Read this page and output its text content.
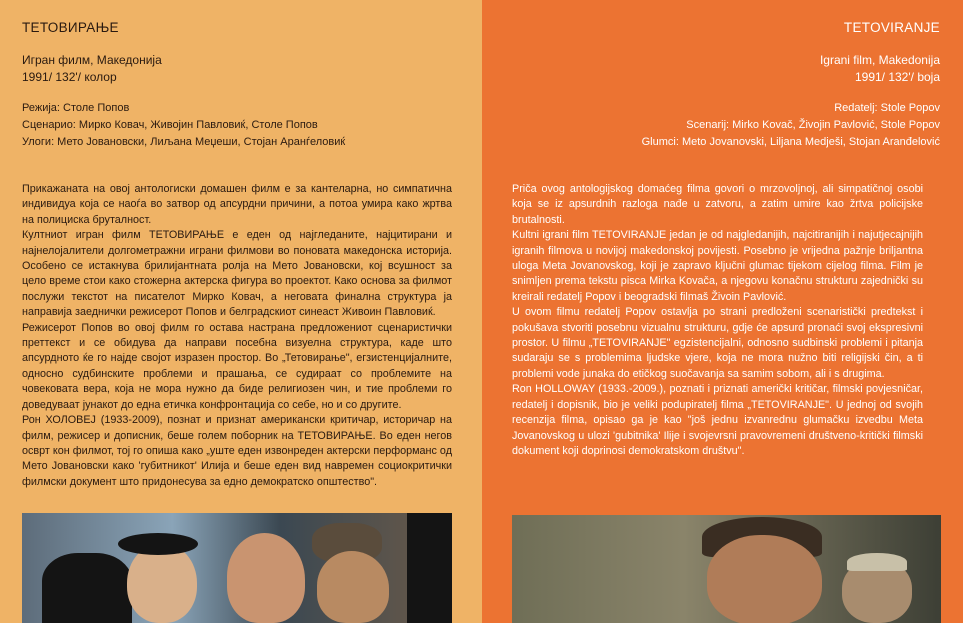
ТЕТОВИРАЊЕ
Игран филм, Македонија
1991/ 132'/ колор
Режија: Столе Попов
Сценарио: Мирко Ковач, Живојин Павловиќ, Столе Попов
Улоги: Мето Јовановски, Лиљана Меџеши, Стојан Аранѓеловиќ

Прикажаната на овој антологиски домашен филм е за кантеларна, но симпатична индивидуа која се наоѓа во затвор од апсурдни причини, а потоа умира како жртва на полициска бруталност.

Култниот игран филм ТЕТОВИРАЊЕ е еден од најгледаните, најцитирани и најнелојалители долгометражни играни филмови во поновата македонска историја. Особено се истакнува брилијантната ролја на Мето Јовановски, кој всушност за цело време стои како стожерна актерска фигура во проектот. Како основа за филмот послужи текстот на писателот Мирко Ковач, а неговата финална структура ја направија заеднички режисерот Попов и белградскиот синеаст Живоин Павловиќ.

Режисерот Попов во овој филм го остава настрана предложениот сценаристички преттекст и се обидува да направи посебна визуелна структура, каде што апсурдното ќе го најде својот изразен простор. Во „Тетовирање", егзистенцијалните, односно судбинските проблеми и прашања, се судираат со проблемите на човековата вера, која не мора нужно да биде религиозен чин, и тие проблеми го доведуваат јунакот до една етичка конфронтација со себе, но и со другите.

Рон ХОЛОВЕЈ (1933-2009), познат и признат американски критичар, историчар на филм, режисер и дописник, беше голем поборник на ТЕТОВИРАЊЕ. Во еден негов осврт кон филмот, тој го опиша како „уште еден извонреден актерски перформанс од Мето Јовановски како 'губитникот' Илија и беше еден вид навремен социокритички филмски документ што придонесува за едно демократско општество".

TETOVIRANJE
Igrani film, Makedonija
1991/ 132'/ boja
Redatelj: Stole Popov
Scenarij: Mirko Kovač, Živojin Pavlović, Stole Popov
Glumci: Meto Jovanovski, Liljana Medješi, Stojan Aranđelović

Priča ovog antologijskog domaćeg filma govori o mrzovoljnoj, ali simpatičnoj osobi koja se iz apsurdnih razloga nađe u zatvoru, a zatim umire kao žrtva policijske brutalnosti.

Kultni igrani film TETOVIRANJE jedan je od najgledanijih, najcitiranijih i najutjecajnijih igranih filmova u novijoj makedonskoj povijesti. Posebno je vrijedna pažnje briljantna uloga Meta Jovanovskog, koji je zapravo ključni glumac tijekom cijelog filma. Film je snimljen prema tekstu pisca Mirka Kovača, a njegovu konačnu strukturu zajednički su kreirali redatelj Popov i beogradski filmaš Živoin Pavlović.

U ovom filmu redatelj Popov ostavlja po strani predloženi scenaristički predtekst i pokušava stvoriti posebnu vizualnu strukturu, gdje će apsurd pronaći svoj ekspresivni prostor. U filmu „TETOVIRANJE" egzistencijalni, odnosno sudbinski problemi i pitanja sudaraju se s problemima ljudske vjere, koja ne mora nužno biti religijski čin, a ti problemi vode junaka do etičkog suočavanja sa samim sobom, ali i s drugima.

Ron HOLLOWAY (1933.-2009.), poznati i priznati američki kritičar, filmski povjesničar, redatelj i dopisnik, bio je veliki podupiratelj filma „TETOVIRANJE". U jednoj od svojih recenzija filma, opisao ga je kao "još jednu izvanrednu glumačku izvedbu Meta Jovanovskog u ulozi 'gubitnika' Ilije i svojevrsni pravovremeni društveno-kritički filmski dokument koji doprinosi demokratskom društvu".
